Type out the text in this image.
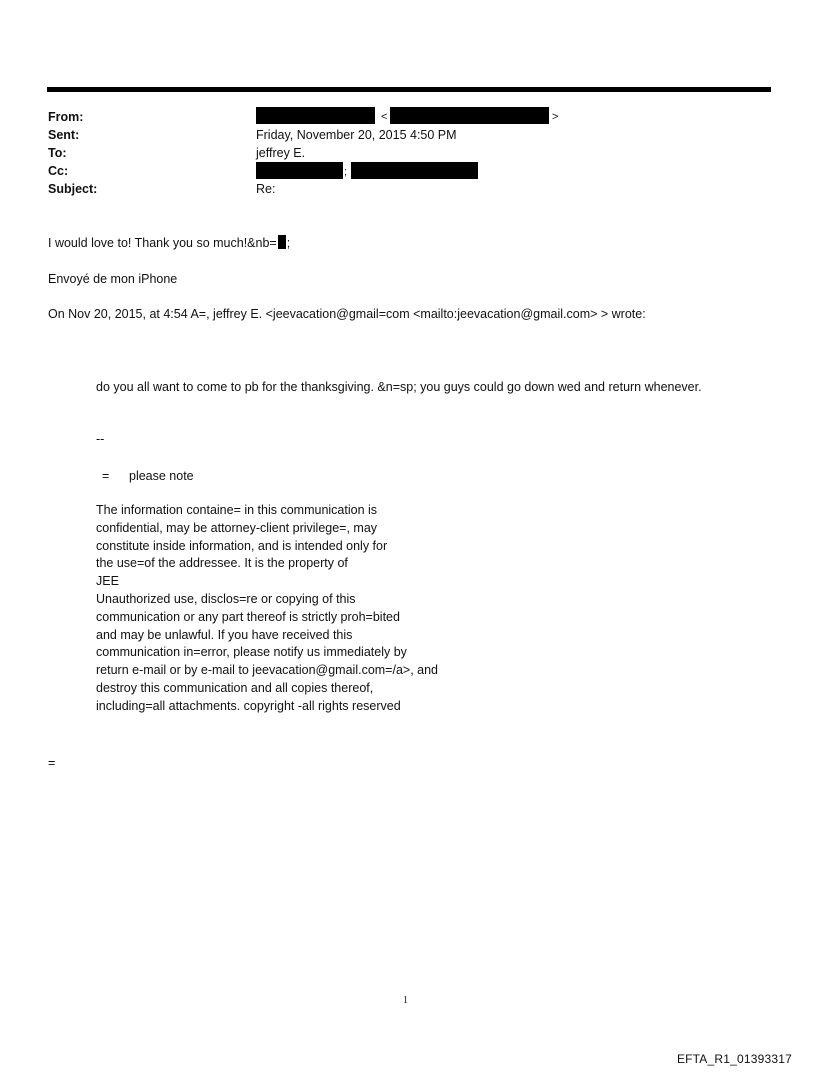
From:
Sent:
To:
Cc:
Subject:
<	>
Friday, November 20, 2015 4:50 PM
jeffrey E.
;
Re:
I would love to! Thank you so much!&nb= ;
Envoyé de mon iPhone
On Nov 20, 2015, at 4:54 A=, jeffrey E. <jeevacation@gmail=com <mailto:jeevacation@gmail.com> > wrote:
do you all want to come to pb for the thanksgiving. &n=sp; you guys could go down wed and return whenever.
--
= please note
The information containe= in this communication is
confidential, may be attorney-client privilege=, may
constitute inside information, and is intended only for
the use=of the addressee. It is the property of
JEE
Unauthorized use, disclos=re or copying of this
communication or any part thereof is strictly proh=bited
and may be unlawful. If you have received this
communication in=error, please notify us immediately by
return e-mail or by e-mail to jeevacation@gmail.com=/a>, and
destroy this communication and all copies thereof,
including=all attachments. copyright -all rights reserved
=
1
EFTA_R1_01393317
